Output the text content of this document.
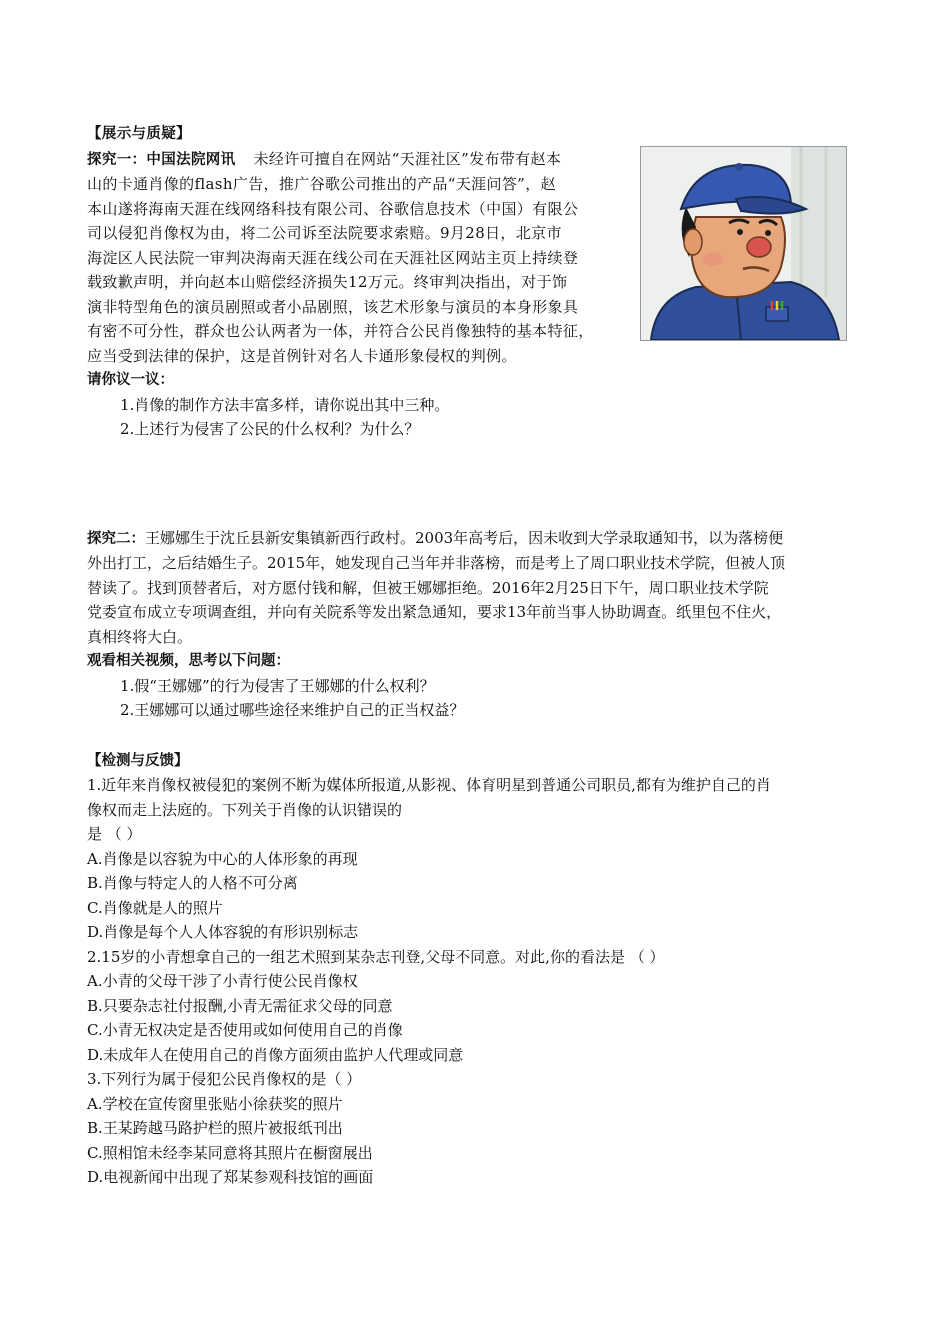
【展示与质疑】
探究一：中国法院网讯 未经许可擅自在网站“天涯社区”发布带有赵本
山的卡通肖像的flash广告，推广谷歌公司推出的产品“天涯问答”，赵
本山遂将海南天涯在线网络科技有限公司、谷歌信息技术（中国）有限公
司以侵犯肖像权为由，将二公司诉至法院要求索赔。9月28日，北京市
海淀区人民法院一审判决海南天涯在线公司在天涯社区网站主页上持续登
载致歉声明，并向赵本山赔偿经济损失12万元。终审判决指出，对于饰
演非特型角色的演员剧照或者小品剧照，该艺术形象与演员的本身形象具
有密不可分性，群众也公认两者为一体，并符合公民肖像独特的基本特征，
应当受到法律的保护，这是首例针对名人卡通形象侵权的判例。
请你议一议：
1.肖像的制作方法丰富多样，请你说出其中三种。
2.上述行为侵害了公民的什么权利？为什么？
探究二：王娜娜生于沈丘县新安集镇新西行政村。2003年高考后，因未收到大学录取通知书，以为落榜便
外出打工，之后结婚生子。2015年，她发现自己当年并非落榜，而是考上了周口职业技术学院，但被人顶
替读了。找到顶替者后，对方愿付钱和解，但被王娜娜拒绝。2016年2月25日下午，周口职业技术学院
党委宣布成立专项调查组，并向有关院系等发出紧急通知，要求13年前当事人协助调查。纸里包不住火，
真相终将大白。
观看相关视频，思考以下问题：
1.假“王娜娜”的行为侵害了王娜娜的什么权利？
2.王娜娜可以通过哪些途径来维护自己的正当权益？
【检测与反馈】
1.近年来肖像权被侵犯的案例不断为媒体所报道,从影视、体育明星到普通公司职员,都有为维护自己的肖
像权而走上法庭的。下列关于肖像的认识错误的
是 （ ）
A.肖像是以容貌为中心的人体形象的再现
B.肖像与特定人的人格不可分离
C.肖像就是人的照片
D.肖像是每个人人体容貌的有形识别标志
2.15岁的小青想拿自己的一组艺术照到某杂志刊登,父母不同意。对此,你的看法是 （ ）
A.小青的父母干涉了小青行使公民肖像权
B.只要杂志社付报酬,小青无需征求父母的同意
C.小青无权决定是否使用或如何使用自己的肖像
D.未成年人在使用自己的肖像方面须由监护人代理或同意
3.下列行为属于侵犯公民肖像权的是（ ）
A.学校在宣传窗里张贴小徐获奖的照片
B.王某跨越马路护栏的照片被报纸刊出
C.照相馆未经李某同意将其照片在橱窗展出
D.电视新闻中出现了郑某参观科技馆的画面
